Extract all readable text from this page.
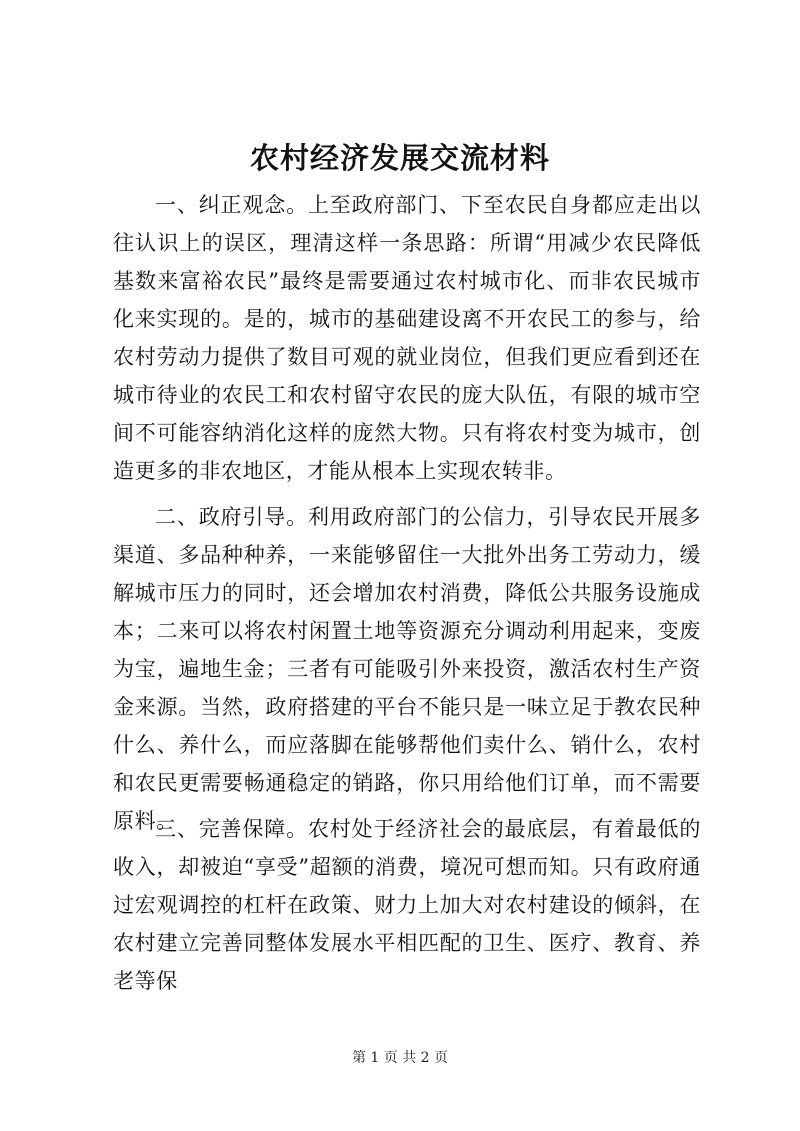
农村经济发展交流材料

一、纠正观念。上至政府部门、下至农民自身都应走出以往认识上的误区，理清这样一条思路：所谓“用减少农民降低基数来富裕农民”最终是需要通过农村城市化、而非农民城市化来实现的。是的，城市的基础建设离不开农民工的参与，给农村劳动力提供了数目可观的就业岗位，但我们更应看到还在城市待业的农民工和农村留守农民的庞大队伍，有限的城市空间不可能容纳消化这样的庞然大物。只有将农村变为城市，创造更多的非农地区，才能从根本上实现农转非。

二、政府引导。利用政府部门的公信力，引导农民开展多渠道、多品种种养，一来能够留住一大批外出务工劳动力，缓解城市压力的同时，还会增加农村消费，降低公共服务设施成本；二来可以将农村闲置土地等资源充分调动利用起来，变废为宝，遍地生金；三者有可能吸引外来投资，激活农村生产资金来源。当然，政府搭建的平台不能只是一味立足于教农民种什么、养什么，而应落脚在能够帮他们卖什么、销什么，农村和农民更需要畅通稳定的销路，你只用给他们订单，而不需要原料。

三、完善保障。农村处于经济社会的最底层，有着最低的收入，却被迫“享受”超额的消费，境况可想而知。只有政府通过宏观调控的杠杆在政策、财力上加大对农村建设的倾斜，在农村建立完善同整体发展水平相匹配的卫生、医疗、教育、养老等保

第 1 页 共 2 页
